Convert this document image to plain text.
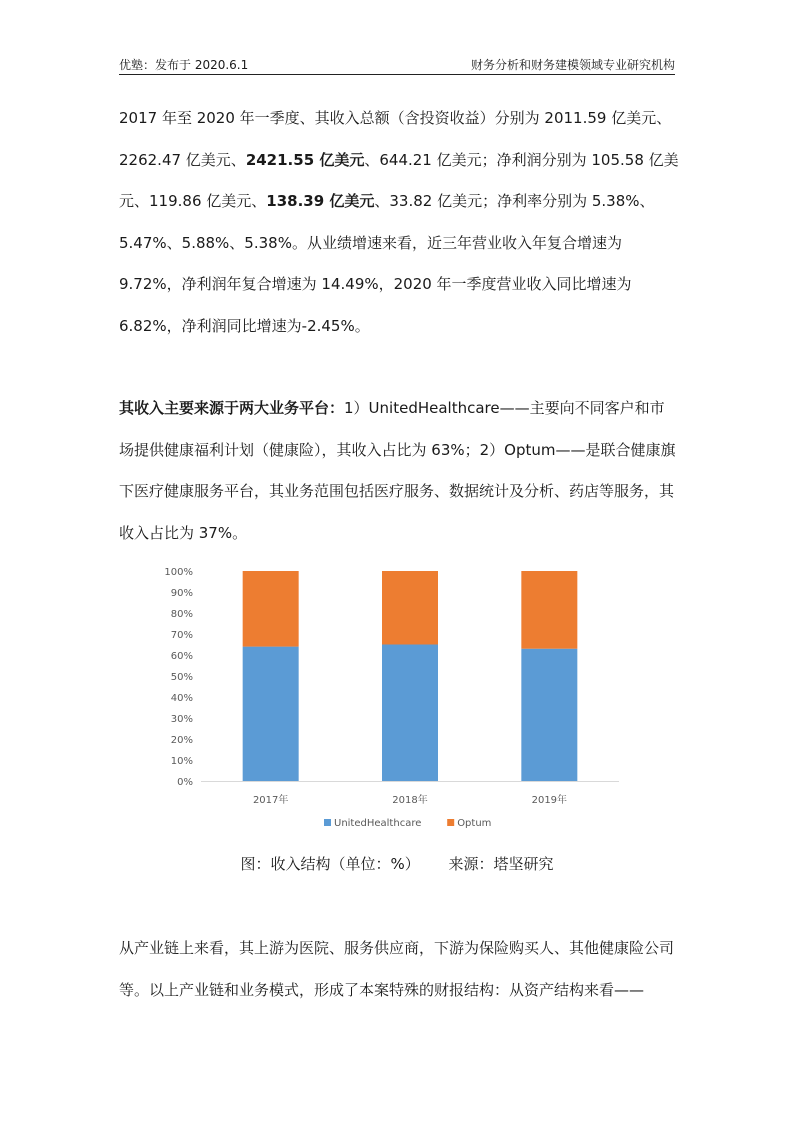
优塾：发布于 2020.6.1	财务分析和财务建模领域专业研究机构

2017 年至 2020 年一季度、其收入总额（含投资收益）分别为 2011.59 亿美元、2262.47 亿美元、2421.55 亿美元、644.21 亿美元；净利润分别为 105.58 亿美元、119.86 亿美元、138.39 亿美元、33.82 亿美元；净利率分别为 5.38%、5.47%、5.88%、5.38%。从业绩增速来看，近三年营业收入年复合增速为 9.72%，净利润年复合增速为 14.49%，2020 年一季度营业收入同比增速为 6.82%，净利润同比增速为-2.45%。

其收入主要来源于两大业务平台：1）UnitedHealthcare——主要向不同客户和市场提供健康福利计划（健康险），其收入占比为 63%；2）Optum——是联合健康旗下医疗健康服务平台，其业务范围包括医疗服务、数据统计及分析、药店等服务，其收入占比为 37%。

0%
10%
20%
30%
40%
50%
60%
70%
80%
90%
100%
2017年	2018年	2019年
UnitedHealthcare	Optum
图：收入结构（单位：%） 来源：塔坚研究

从产业链上来看，其上游为医院、服务供应商，下游为保险购买人、其他健康险公司等。以上产业链和业务模式，形成了本案特殊的财报结构：从资产结构来看——
